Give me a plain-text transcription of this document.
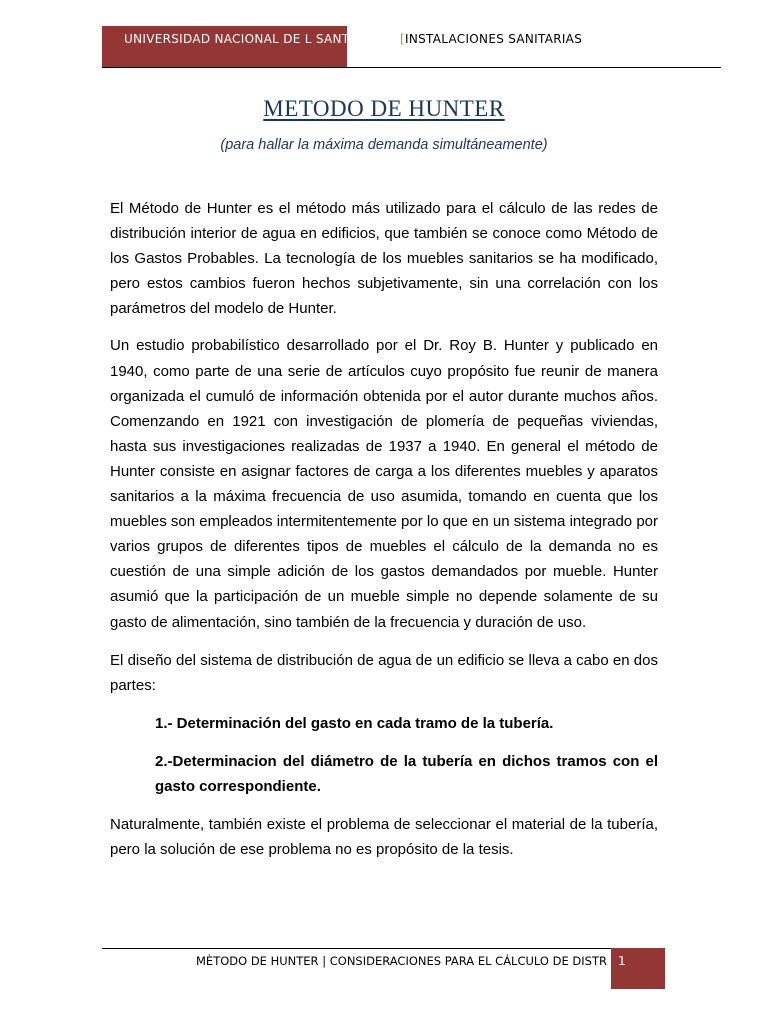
UNIVERSIDAD NACIONAL DE L SANTA	[INSTALACIONES SANITARIAS
METODO DE HUNTER
(para hallar la máxima demanda simultáneamente)

El Método de Hunter es el método más utilizado para el cálculo de las redes de distribución interior de agua en edificios, que también se conoce como Método de los Gastos Probables. La tecnología de los muebles sanitarios se ha modificado, pero estos cambios fueron hechos subjetivamente, sin una correlación con los parámetros del modelo de Hunter.

Un estudio probabilístico desarrollado por el Dr. Roy B. Hunter y publicado en 1940, como parte de una serie de artículos cuyo propósito fue reunir de manera organizada el cumuló de información obtenida por el autor durante muchos años. Comenzando en 1921 con investigación de plomería de pequeñas viviendas, hasta sus investigaciones realizadas de 1937 a 1940. En general el método de Hunter consiste en asignar factores de carga a los diferentes muebles y aparatos sanitarios a la máxima frecuencia de uso asumida, tomando en cuenta que los muebles son empleados intermitentemente por lo que en un sistema integrado por varios grupos de diferentes tipos de muebles el cálculo de la demanda no es cuestión de una simple adición de los gastos demandados por mueble. Hunter asumió que la participación de un mueble simple no depende solamente de su gasto de alimentación, sino también de la frecuencia y duración de uso.

El diseño del sistema de distribución de agua de un edificio se lleva a cabo en dos partes:

1.- Determinación del gasto en cada tramo de la tubería.

2.-Determinacion del diámetro de la tubería en dichos tramos con el gasto correspondiente.

Naturalmente, también existe el problema de seleccionar el material de la tubería, pero la solución de ese problema no es propósito de la tesis.

MÈTODO DE HUNTER | CONSIDERACIONES PARA EL CÁLCULO DE DISTR 1
